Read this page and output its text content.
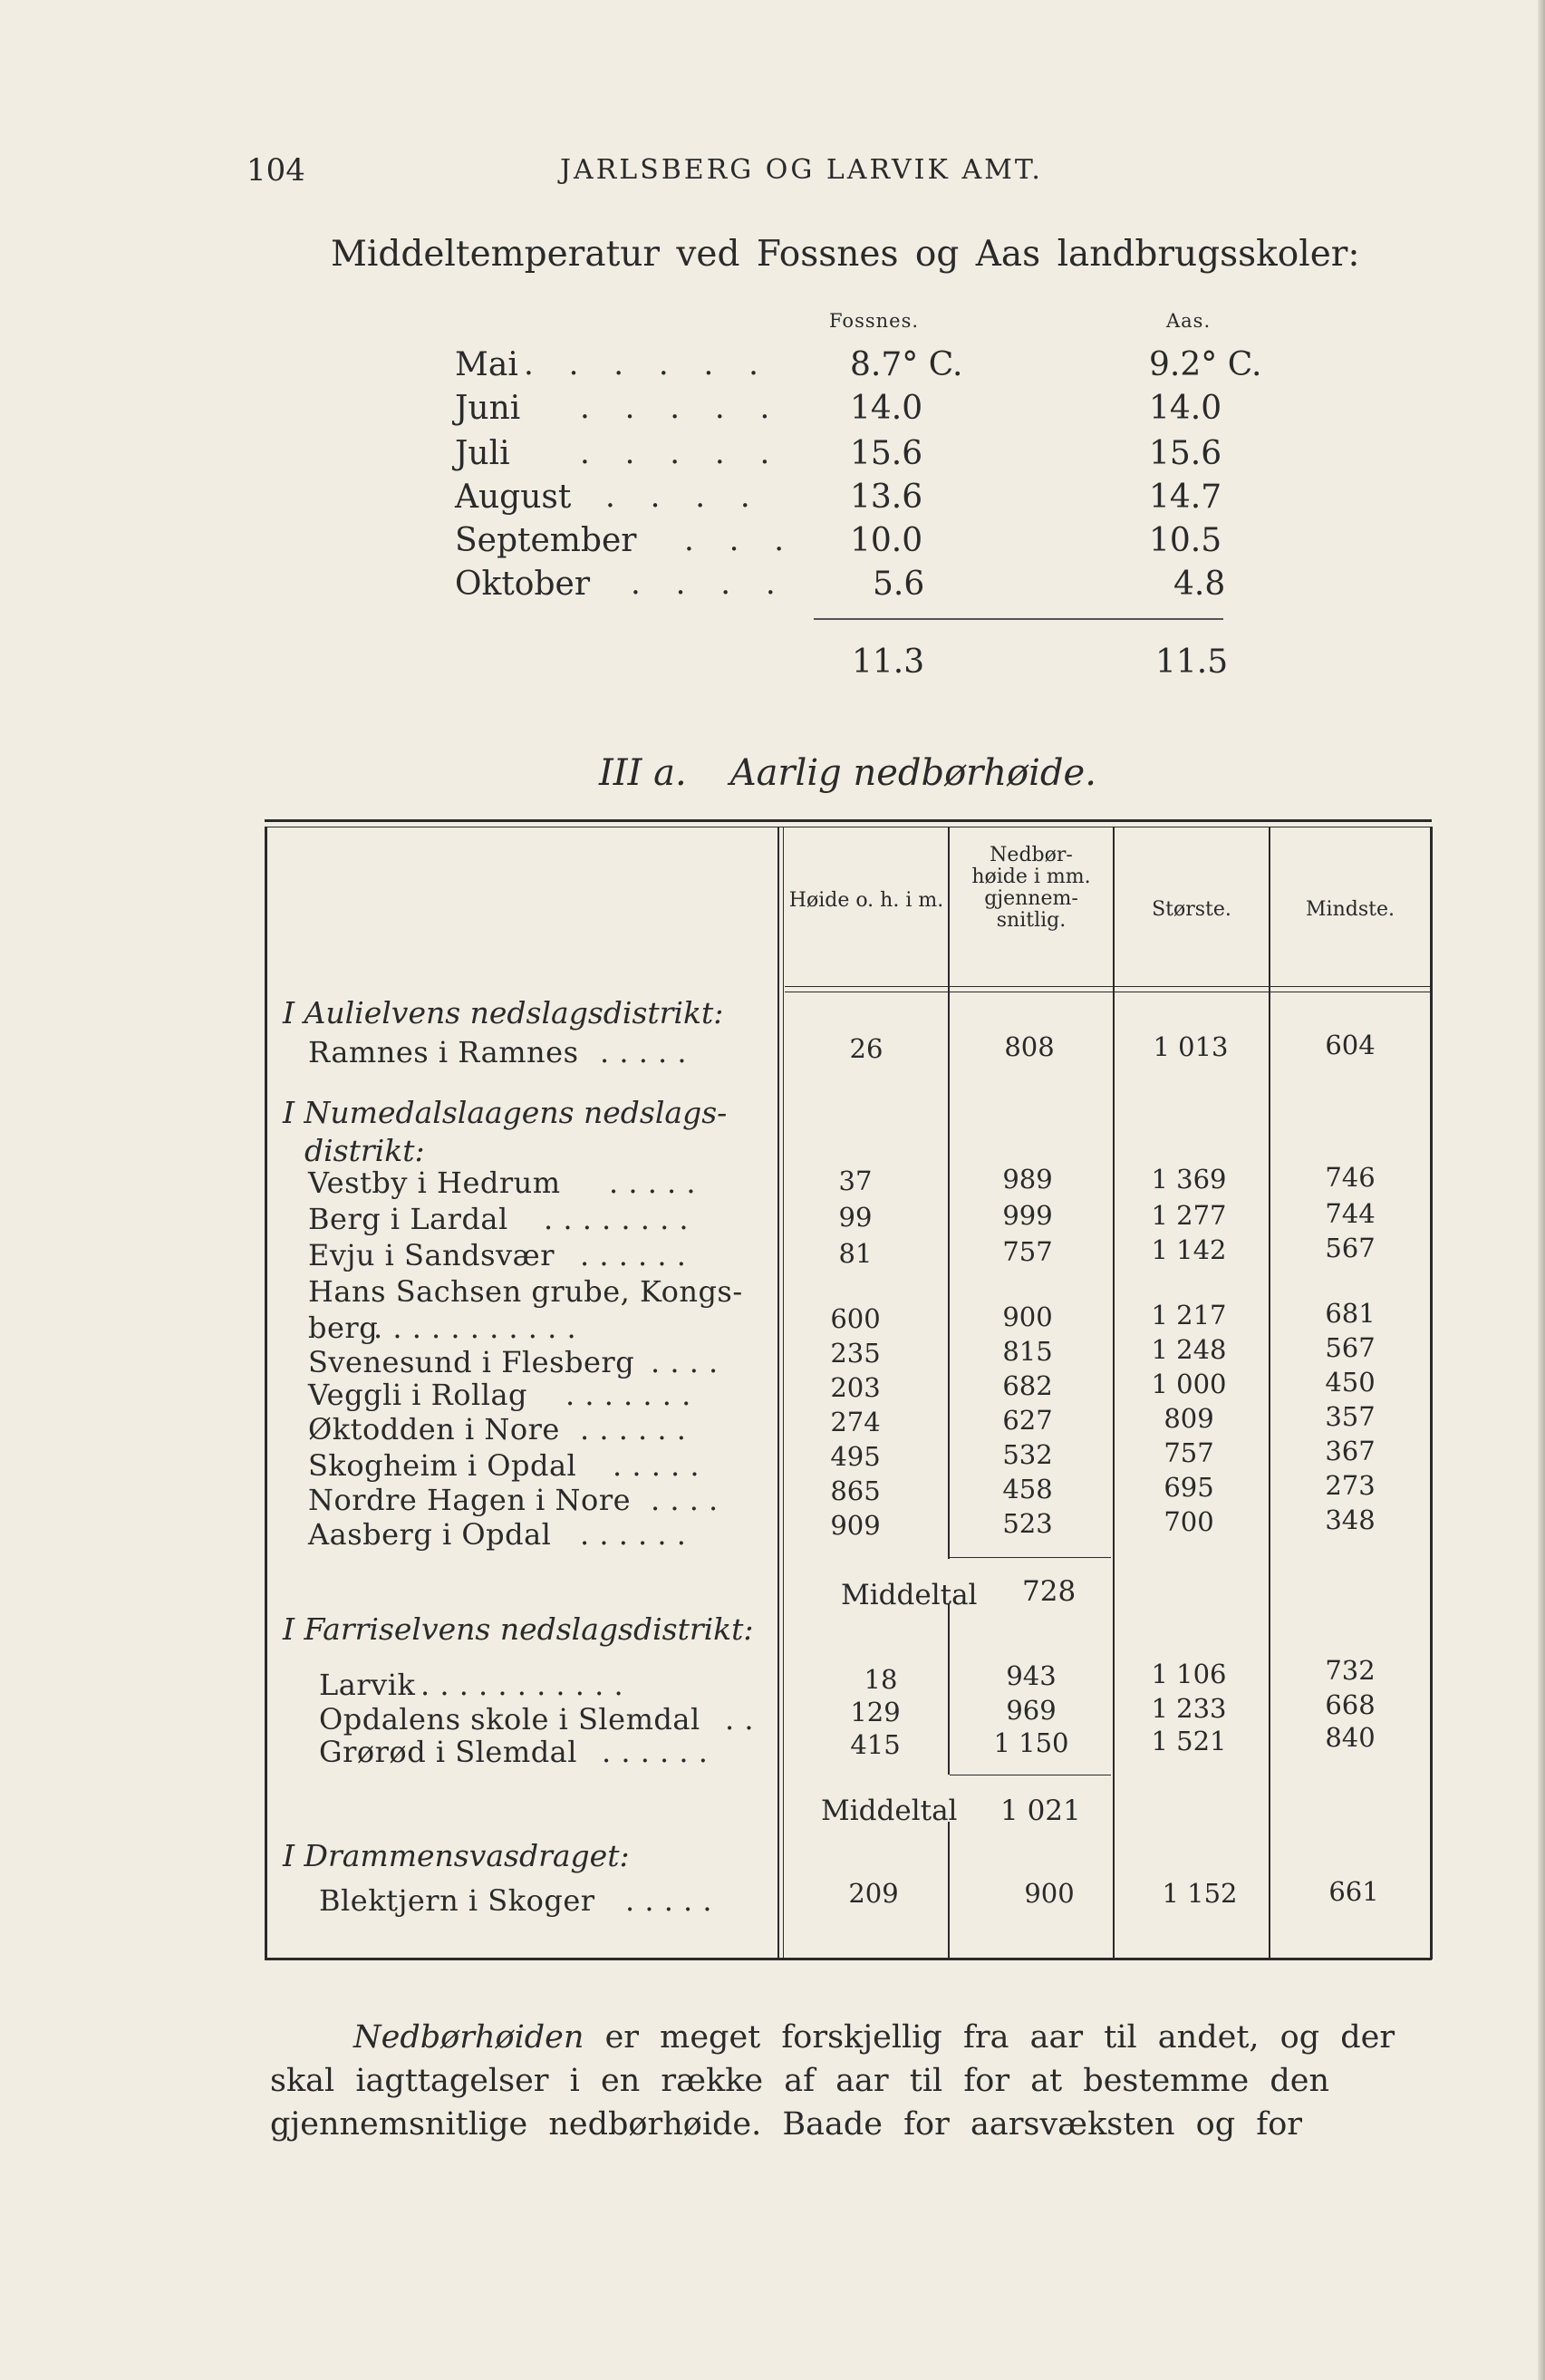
104	JARLSBERG OG LARVIK AMT.
Middeltemperatur ved Fossnes og Aas landbrugsskoler:
Fossnes.	Aas.
Mai . . . . . . 8.7° C.	9.2° C.
Juni . . . . . 14.0	14.0
Juli . . . . . 15.6	15.6
August . . . .	13.6	14.7
September . . . 10.0	10.5
Oktober . . . .	5.6	4.8
11.3	11.5
III a. Aarlig nedbørhøide.
Høide o. h. i m.
Nedbør- høide i mm. gjennem- snitlig.	Største.	Mindste.
I Aulielvens nedslagsdistrikt:
I Numedalslaagens nedslags-
distrikt:
I Farriselvens nedslagsdistrikt:
I Drammensvasdraget:
Ramnes i Ramnes . . . . .	26	808	1 013	604
Vestby i Hedrum . . . . .	37	989	1 369	746
Berg i Lardal . . . . . . . .	99	999	1 277	744
Evju i Sandsvær . . . . . .	81	757	1 142	567
Hans Sachsen grube, Kongs-
berg
. . . . . . . . . . .	600	900	1 217	681
Svenesund i Flesberg . . . .	235	815	1 248	567
Veggli i Rollag . . . . . . .	203	682	1 000	450
Øktodden i Nore . . . . . .	274	627	809	357
Skogheim i Opdal . . . . .	495	532	757	367
Nordre Hagen i Nore . . . .	865	458	695	273
Aasberg i Opdal . . . . . .	909	523	700	348
Middeltal 728
Larvik . . . . . . . . . . .	18	943	1 106	732
Opdalens skole i Slemdal . .	129	969	1 233	668
Grørød i Slemdal . . . . . .	415	1 150	1 521	840
Middeltal 1 021
Blektjern i Skoger . . . . .	209	900	1 152	661
Nedbørhøiden er meget forskjellig fra aar til andet, og der
skal iagttagelser i en række af aar til for at bestemme den
gjennemsnitlige nedbørhøide. Baade for aarsvæksten og for
